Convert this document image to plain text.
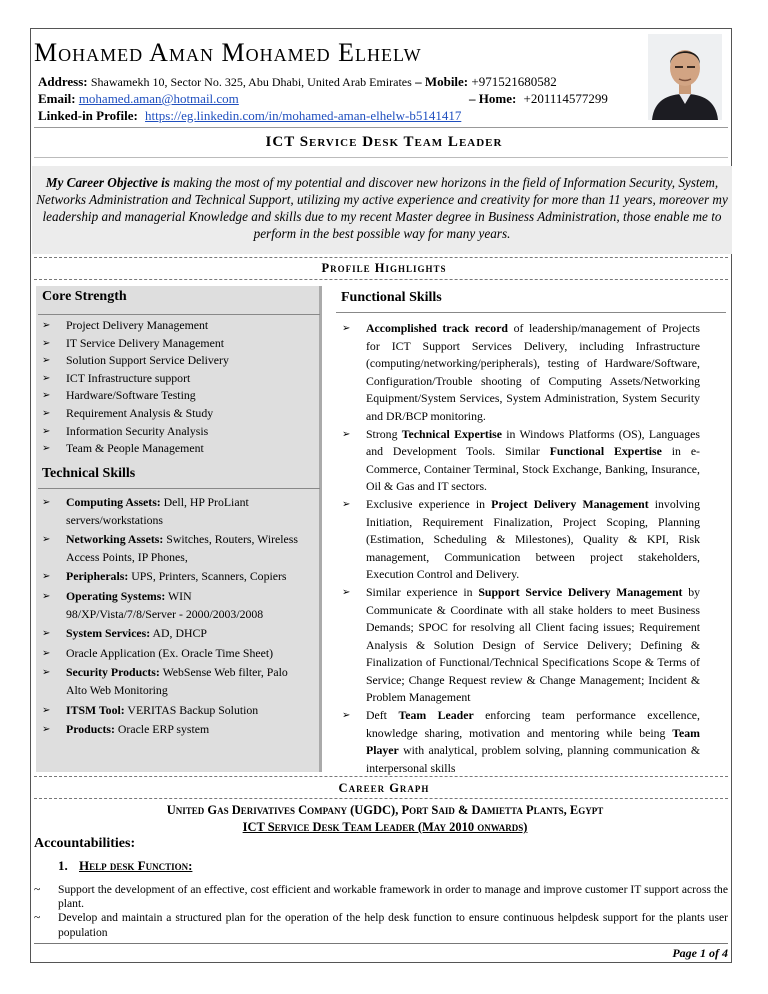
Mohamed Aman Mohamed Elhelw
Address: Shawamekh 10, Sector No. 325, Abu Dhabi, United Arab Emirates – Mobile: +971521680582
Email: mohamed.aman@hotmail.com	– Home: +201114577299
Linked-in Profile: https://eg.linkedin.com/in/mohamed-aman-elhelw-b5141417
ICT Service Desk Team Leader

My Career Objective is making the most of my potential and discover new horizons in the field of Information Security, System, Networks Administration and Technical Support, utilizing my active experience and creativity for more than 11 years, moreover my leadership and managerial Knowledge and skills due to my recent Master degree in Business Administration, those enable me to perform in the best possible way for many years.

Profile Highlights
Core Strength
➢ Project Delivery Management
➢ IT Service Delivery Management
➢ Solution Support Service Delivery
➢ ICT Infrastructure support
➢ Hardware/Software Testing
➢ Requirement Analysis & Study
➢ Information Security Analysis
➢ Team & People Management
Technical Skills
➢ Computing Assets: Dell, HP ProLiant servers/workstations
➢ Networking Assets: Switches, Routers, Wireless Access Points, IP Phones,
➢ Peripherals: UPS, Printers, Scanners, Copiers
➢ Operating Systems: WIN 98/XP/Vista/7/8/Server - 2000/2003/2008
➢ System Services: AD, DHCP
➢ Oracle Application (Ex. Oracle Time Sheet)
➢ Security Products: WebSense Web filter, Palo Alto Web Monitoring
➢ ITSM Tool: VERITAS Backup Solution
➢ Products: Oracle ERP system
Functional Skills
➢ Accomplished track record of leadership/management of Projects for ICT Support Services Delivery, including Infrastructure (computing/networking/peripherals), testing of Hardware/Software, Configuration/Trouble shooting of Computing Assets/Networking Equipment/System Services, System Administration, System Security and DR/BCP monitoring.
➢ Strong Technical Expertise in Windows Platforms (OS), Languages and Development Tools. Similar Functional Expertise in e-Commerce, Container Terminal, Stock Exchange, Banking, Insurance, Oil & Gas and IT sectors.
➢ Exclusive experience in Project Delivery Management involving Initiation, Requirement Finalization, Project Scoping, Planning (Estimation, Scheduling & Milestones), Quality & KPI, Risk management, Communication between project stakeholders, Execution Control and Delivery.
➢ Similar experience in Support Service Delivery Management by Communicate & Coordinate with all stake holders to meet Business Demands; SPOC for resolving all Client facing issues; Requirement Analysis & Solution Design of Service Delivery; Defining & Finalization of Functional/Technical Specifications Scope & Terms of Service; Change Request review & Change Management; Incident & Problem Management
➢ Deft Team Leader enforcing team performance excellence, knowledge sharing, motivation and mentoring while being Team Player with analytical, problem solving, planning communication & interpersonal skills
Career Graph
United Gas Derivatives Company (UGDC), Port Said & Damietta Plants, Egypt
ICT Service Desk Team Leader (May 2010 onwards)
Accountabilities:
1. Help desk Function:
~ Support the development of an effective, cost efficient and workable framework in order to manage and improve customer IT support across the plant.
~ Develop and maintain a structured plan for the operation of the help desk function to ensure continuous helpdesk support for the plants user population
Page 1 of 4
